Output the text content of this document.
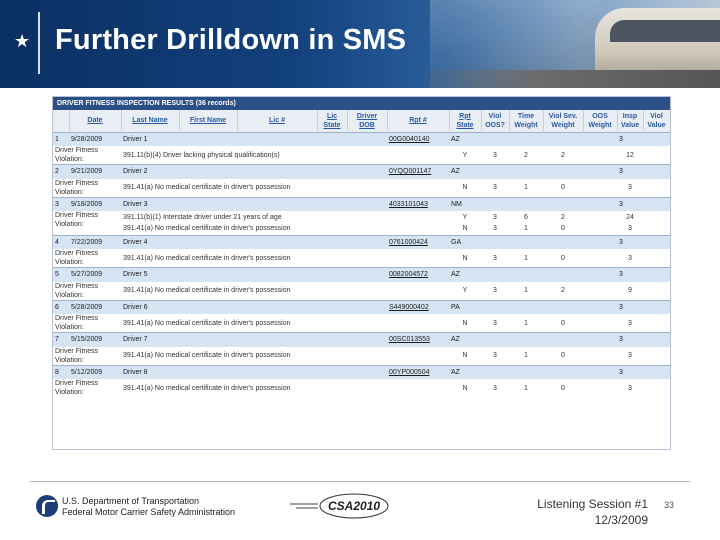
★ Further Drilldown in SMS
DRIVER FITNESS INSPECTION RESULTS (36 records)
	Date	Last Name	First Name	Lic #	Lic State	Driver DOB	Rpt #	Rpt State	Viol OOS?	Time Weight	Viol Sev. Weight	OOS Weight	Insp Value	Viol Value
1	9/28/2009	Driver 1					00G0040140	AZ					3	
Driver Fitness Violation:		391.11(b)(4) Driver lacking physical qualification(s)						Y	3	2	2		12	
2	9/21/2009	Driver 2					0YQQ001147	AZ					3	
Driver Fitness Violation:		391.41(a) No medical certificate in driver's possession						N	3	1	0		3	
3	9/18/2009	Driver 3					4033101043	NM					3	
Driver Fitness Violation:		391.11(b)(1) Interstate driver under 21 years of age						Y	3	6	2		24	
		391.41(a) No medical certificate in driver's possession						N	3	1	0		3	
4	7/22/2009	Driver 4					0761000424	GA					3	
Driver Fitness Violation:		391.41(a) No medical certificate in driver's possession						N	3	1	0		3	
5	5/27/2009	Driver 5					0082004572	AZ					3	
Driver Fitness Violation:		391.41(a) No medical certificate in driver's possession						Y	3	1	2		9	
6	5/28/2009	Driver 6					S449000402	PA					3	
Driver Fitness Violation:		391.41(a) No medical certificate in driver's possession						N	3	1	0		3	
7	5/15/2009	Driver 7					00SC013553	AZ					3	
Driver Fitness Violation:		391.41(a) No medical certificate in driver's possession						N	3	1	0		3	
8	5/12/2009	Driver 8					00YP000504	AZ					3	
Driver Fitness Violation:		391.41(a) No medical certificate in driver's possession						N	3	1	0		3	
U.S. Department of Transportation
Federal Motor Carrier Safety Administration	CSA2010	Listening Session #1
12/3/2009
33
